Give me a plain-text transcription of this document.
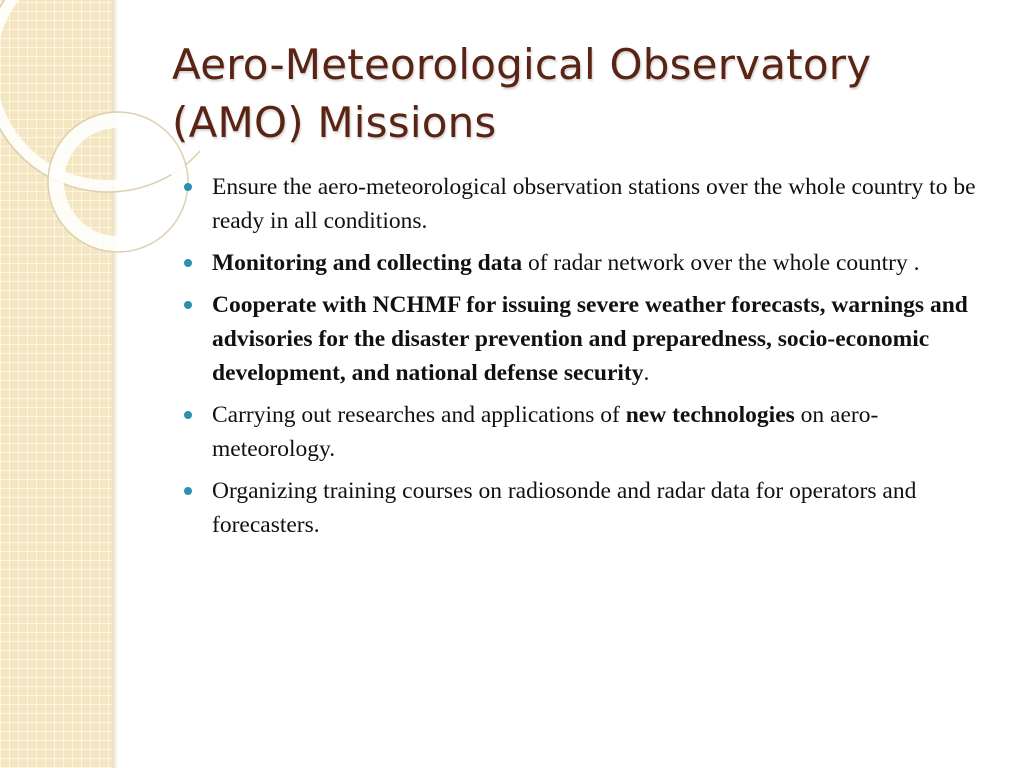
Aero-Meteorological Observatory
(AMO) Missions
Ensure the aero-meteorological observation stations over the whole country to be ready in all conditions.
Monitoring and collecting data of radar network over the whole country .
Cooperate with NCHMF for issuing severe weather forecasts, warnings and advisories for the disaster prevention and preparedness, socio-economic development, and national defense security.
Carrying out researches and applications of new technologies on aero-meteorology.
Organizing training courses on radiosonde and radar data for operators and forecasters.
